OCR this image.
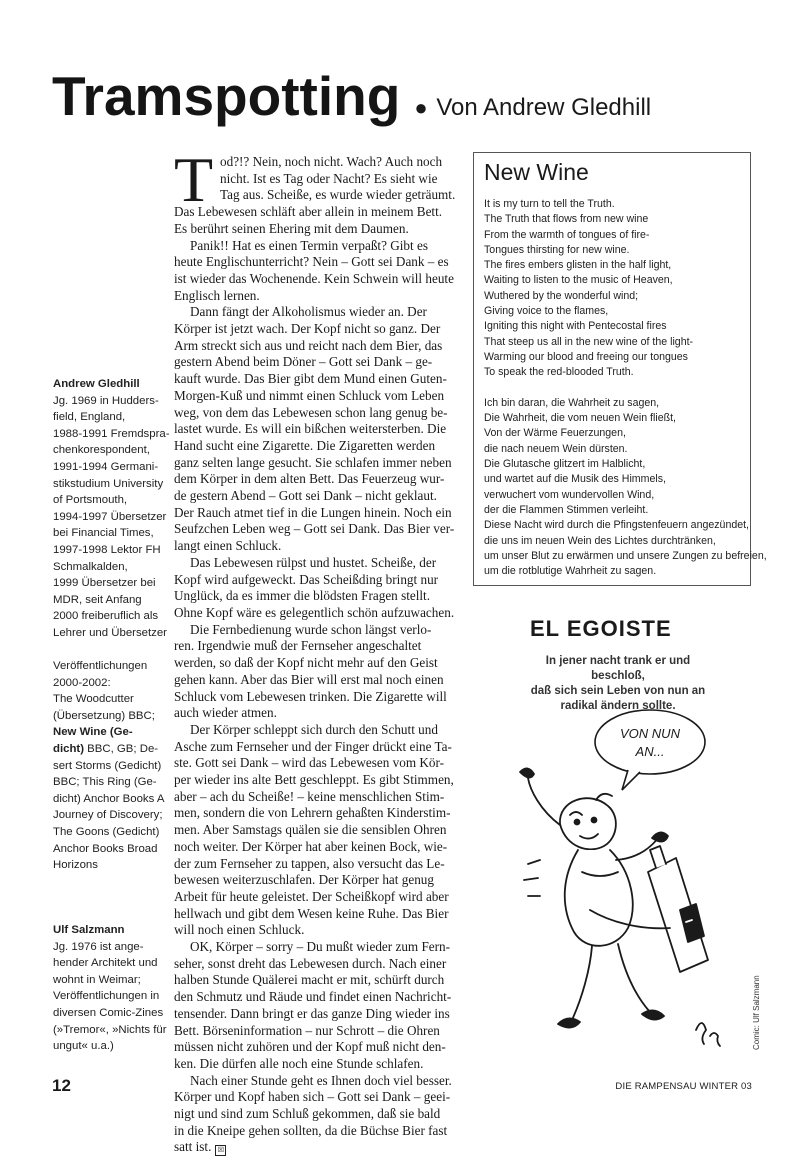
Tramspotting ● Von Andrew Gledhill
Andrew Gledhill
Jg. 1969 in Hudders-
field, England,
1988-1991 Fremdspra-
chenkorespondent,
1991-1994 Germani-
stikstudium University
of Portsmouth,
1994-1997 Übersetzer
bei Financial Times,
1997-1998 Lektor FH
Schmalkalden,
1999 Übersetzer bei
MDR, seit Anfang
2000 freiberuflich als
Lehrer und Übersetzer
Veröffentlichungen
2000-2002:
The Woodcutter
(Übersetzung) BBC;
New Wine (Ge-
dicht) BBC, GB; De-
sert Storms (Gedicht)
BBC; This Ring (Ge-
dicht) Anchor Books A
Journey of Discovery;
The Goons (Gedicht)
Anchor Books Broad
Horizons
Ulf Salzmann
Jg. 1976 ist ange-
hender Architekt und
wohnt in Weimar;
Veröffentlichungen in
diversen Comic-Zines
(»Tremor«, »Nichts für
ungut« u.a.)
T od?!? Nein, noch nicht. Wach? Auch noch
nicht. Ist es Tag oder Nacht? Es sieht wie
Tag aus. Scheiße, es wurde wieder geträumt.
Das Lebewesen schläft aber allein in meinem Bett.
Es berührt seinen Ehering mit dem Daumen.
Panik!! Hat es einen Termin verpaßt? Gibt es
heute Englischunterricht? Nein – Gott sei Dank – es
ist wieder das Wochenende. Kein Schwein will heute
Englisch lernen.
Dann fängt der Alkoholismus wieder an. Der
Körper ist jetzt wach. Der Kopf nicht so ganz. Der
Arm streckt sich aus und reicht nach dem Bier, das
gestern Abend beim Döner – Gott sei Dank – ge-
kauft wurde. Das Bier gibt dem Mund einen Guten-
Morgen-Kuß und nimmt einen Schluck vom Leben
weg, von dem das Lebewesen schon lang genug be-
lastet wurde. Es will ein bißchen weitersterben. Die
Hand sucht eine Zigarette. Die Zigaretten werden
ganz selten lange gesucht. Sie schlafen immer neben
dem Körper in dem alten Bett. Das Feuerzeug wur-
de gestern Abend – Gott sei Dank – nicht geklaut.
Der Rauch atmet tief in die Lungen hinein. Noch ein
Seufzchen Leben weg – Gott sei Dank. Das Bier ver-
langt einen Schluck.
Das Lebewesen rülpst und hustet. Scheiße, der
Kopf wird aufgeweckt. Das Scheißding bringt nur
Unglück, da es immer die blödsten Fragen stellt.
Ohne Kopf wäre es gelegentlich schön aufzuwachen.
Die Fernbedienung wurde schon längst verlo-
ren. Irgendwie muß der Fernseher angeschaltet
werden, so daß der Kopf nicht mehr auf den Geist
gehen kann. Aber das Bier will erst mal noch einen
Schluck vom Lebewesen trinken. Die Zigarette will
auch wieder atmen.
Der Körper schleppt sich durch den Schutt und
Asche zum Fernseher und der Finger drückt eine Ta-
ste. Gott sei Dank – wird das Lebewesen vom Kör-
per wieder ins alte Bett geschleppt. Es gibt Stimmen,
aber – ach du Scheiße! – keine menschlichen Stim-
men, sondern die von Lehrern gehaßten Kinderstim-
men. Aber Samstags quälen sie die sensiblen Ohren
noch weiter. Der Körper hat aber keinen Bock, wie-
der zum Fernseher zu tappen, also versucht das Le-
bewesen weiterzuschlafen. Der Körper hat genug
Arbeit für heute geleistet. Der Scheißkopf wird aber
hellwach und gibt dem Wesen keine Ruhe. Das Bier
will noch einen Schluck.
OK, Körper – sorry – Du mußt wieder zum Fern-
seher, sonst dreht das Lebewesen durch. Nach einer
halben Stunde Quälerei macht er mit, schürft durch
den Schmutz und Räude und findet einen Nachricht-
tensender. Dann bringt er das ganze Ding wieder ins
Bett. Börseninformation – nur Schrott – die Ohren
müssen nicht zuhören und der Kopf muß nicht den-
ken. Die dürfen alle noch eine Stunde schlafen.
Nach einer Stunde geht es Ihnen doch viel besser.
Körper und Kopf haben sich – Gott sei Dank – geei-
nigt und sind zum Schluß gekommen, daß sie bald
in die Kneipe gehen sollten, da die Büchse Bier fast
satt ist. ☒
New Wine
It is my turn to tell the Truth.
The Truth that flows from new wine
From the warmth of tongues of fire-
Tongues thirsting for new wine.
The fires embers glisten in the half light,
Waiting to listen to the music of Heaven,
Wuthered by the wonderful wind;
Giving voice to the flames,
Igniting this night with Pentecostal fires
That steep us all in the new wine of the light-
Warming our blood and freeing our tongues
To speak the red-blooded Truth.
Ich bin daran, die Wahrheit zu sagen,
Die Wahrheit, die vom neuen Wein fließt,
Von der Wärme Feuerzungen,
die nach neuem Wein dürsten.
Die Glutasche glitzert im Halblicht,
und wartet auf die Musik des Himmels,
verwuchert vom wundervollen Wind,
der die Flammen Stimmen verleiht.
Diese Nacht wird durch die Pfingstenfeuern angezündet,
die uns im neuen Wein des Lichtes durchtränken,
um unser Blut zu erwärmen und unsere Zungen zu befreien,
um die rotblutige Wahrheit zu sagen.
EL EGOISTE
VON NUN
AN...
In jener nacht trank er und beschloß,
daß sich sein Leben von nun an
radikal ändern sollte.
Comic: Ulf Salzmann
12	DIE RAMPENSAU WINTER 03
